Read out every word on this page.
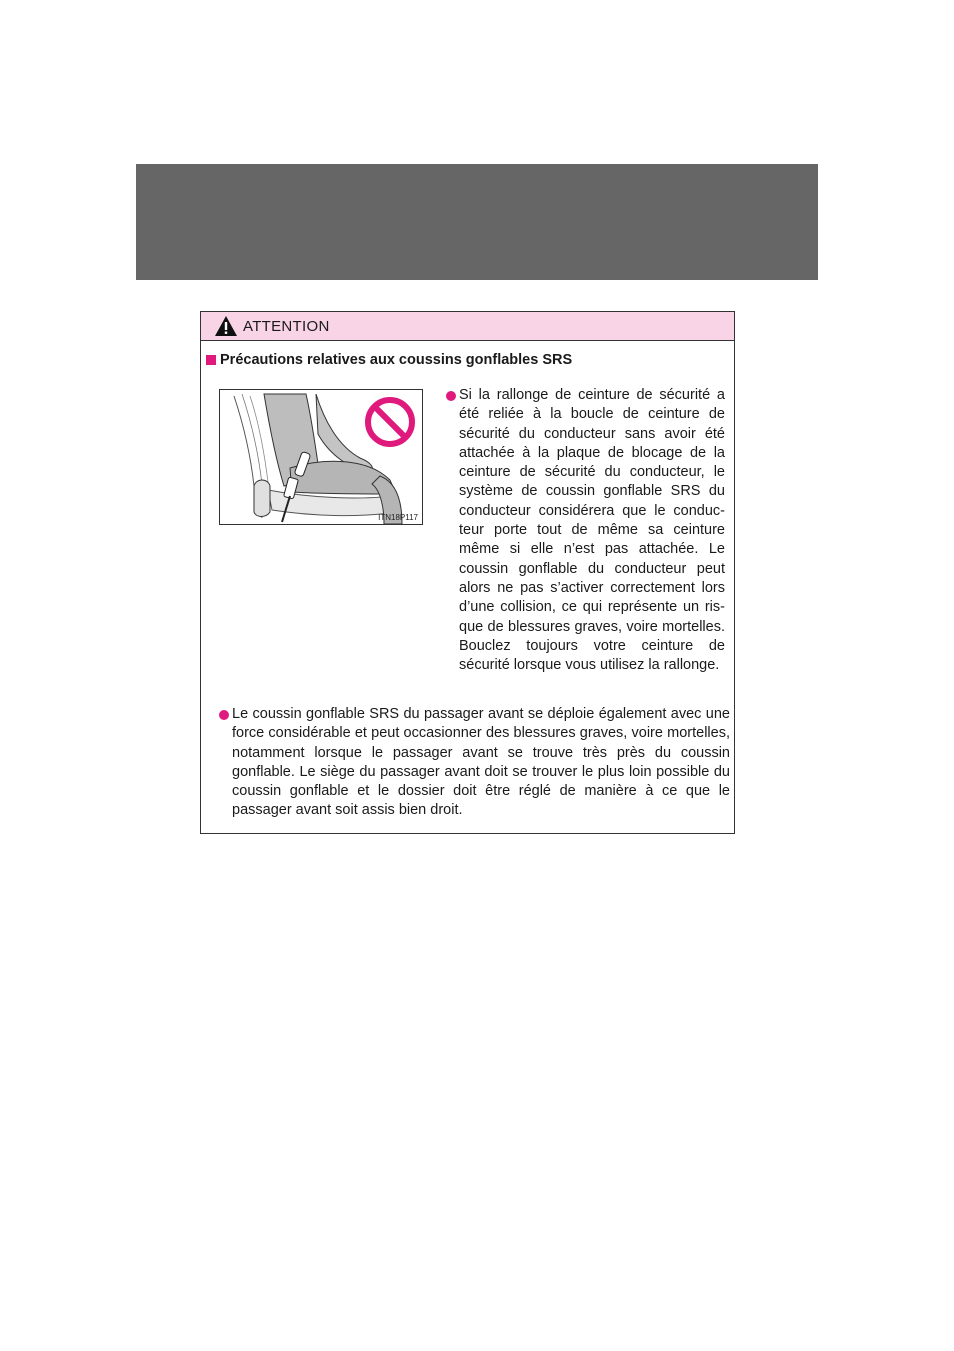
ATTENTION
Précautions relatives aux coussins gonflables SRS
ITN18P117
Si la rallonge de ceinture de sécurité a été reliée à la boucle de ceinture de sécurité du conducteur sans avoir été attachée à la plaque de blocage de la ceinture de sécurité du conducteur, le système de coussin gonflable SRS du conducteur considérera que le conducteur porte tout de même sa ceinture même si elle n’est pas attachée. Le coussin gonflable du conducteur peut alors ne pas s’activer correctement lors d’une collision, ce qui représente un risque de blessures graves, voire mortelles. Bouclez toujours votre ceinture de sécurité lorsque vous utilisez la rallonge.
Le coussin gonflable SRS du passager avant se déploie également avec une force considérable et peut occasionner des blessures graves, voire mortelles, notamment lorsque le passager avant se trouve très près du coussin gonflable. Le siège du passager avant doit se trouver le plus loin possible du coussin gonflable et le dossier doit être réglé de manière à ce que le passager avant soit assis bien droit.
